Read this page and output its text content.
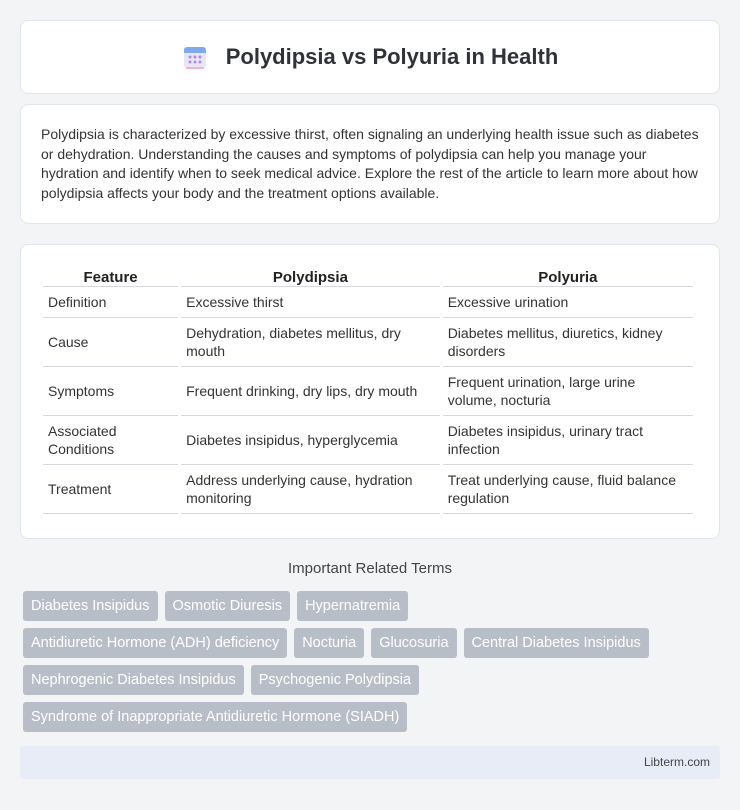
Polydipsia vs Polyuria in Health

Polydipsia is characterized by excessive thirst, often signaling an underlying health issue such as diabetes or dehydration. Understanding the causes and symptoms of polydipsia can help you manage your hydration and identify when to seek medical advice. Explore the rest of the article to learn more about how polydipsia affects your body and the treatment options available.

Feature	Polydipsia	Polyuria
Definition	Excessive thirst	Excessive urination
Cause	Dehydration, diabetes mellitus, dry mouth	Diabetes mellitus, diuretics, kidney disorders
Symptoms	Frequent drinking, dry lips, dry mouth	Frequent urination, large urine volume, nocturia
Associated Conditions	Diabetes insipidus, hyperglycemia	Diabetes insipidus, urinary tract infection
Treatment	Address underlying cause, hydration monitoring	Treat underlying cause, fluid balance regulation
Important Related Terms
Diabetes Insipidus	Osmotic Diuresis	Hypernatremia
Antidiuretic Hormone (ADH) deficiency	Nocturia	Glucosuria	Central Diabetes Insipidus
Nephrogenic Diabetes Insipidus	Psychogenic Polydipsia
Syndrome of Inappropriate Antidiuretic Hormone (SIADH)
Libterm.com
